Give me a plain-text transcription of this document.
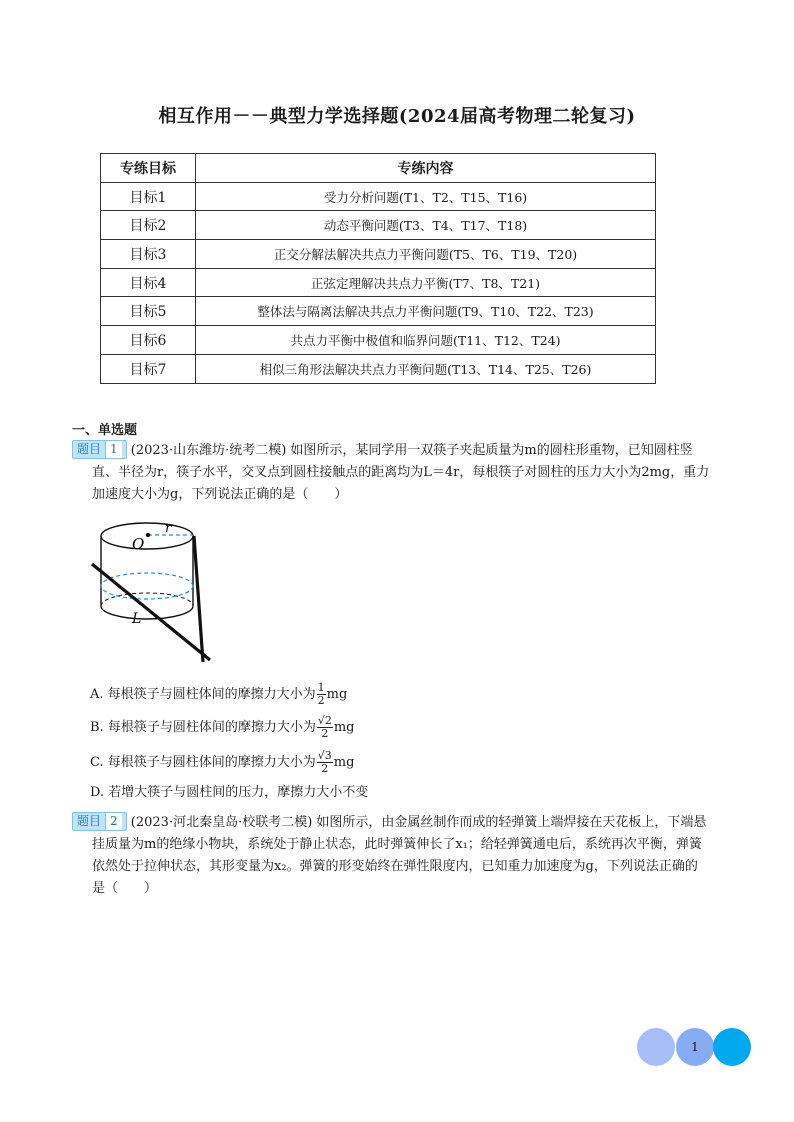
相互作用－－典型力学选择题(2024届高考物理二轮复习)
专练目标	专练内容
目标1	受力分析问题(T1、T2、T15、T16)
目标2	动态平衡问题(T3、T4、T17、T18)
目标3	正交分解法解决共点力平衡问题(T5、T6、T19、T20)
目标4	正弦定理解决共点力平衡(T7、T8、T21)
目标5	整体法与隔离法解决共点力平衡问题(T9、T10、T22、T23)
目标6	共点力平衡中极值和临界问题(T11、T12、T24)
目标7	相似三角形法解决共点力平衡问题(T13、T14、T25、T26)
一、单选题
题目 1 (2023·山东潍坊·统考二模) 如图所示，某同学用一双筷子夹起质量为m的圆柱形重物，已知圆柱竖
直、半径为r，筷子水平，交叉点到圆柱接触点的距离均为L＝4r，每根筷子对圆柱的压力大小为2mg，重力
加速度大小为g，下列说法正确的是（　　）
O
r
L
A. 每根筷子与圆柱体间的摩擦力大小为 $\frac{1}{2}$ mg
B. 每根筷子与圆柱体间的摩擦力大小为 $\frac{√2}{2}$ mg
C. 每根筷子与圆柱体间的摩擦力大小为 $\frac{√3}{2}$ mg
D. 若增大筷子与圆柱间的压力，摩擦力大小不变
题目 2 (2023·河北秦皇岛·校联考二模) 如图所示，由金属丝制作而成的轻弹簧上端焊接在天花板上，下端悬
挂质量为m的绝缘小物块，系统处于静止状态，此时弹簧伸长了x₁；给轻弹簧通电后，系统再次平衡，弹簧
依然处于拉伸状态，其形变量为x₂。弹簧的形变始终在弹性限度内，已知重力加速度为g，下列说法正确的
是（　　）
1
